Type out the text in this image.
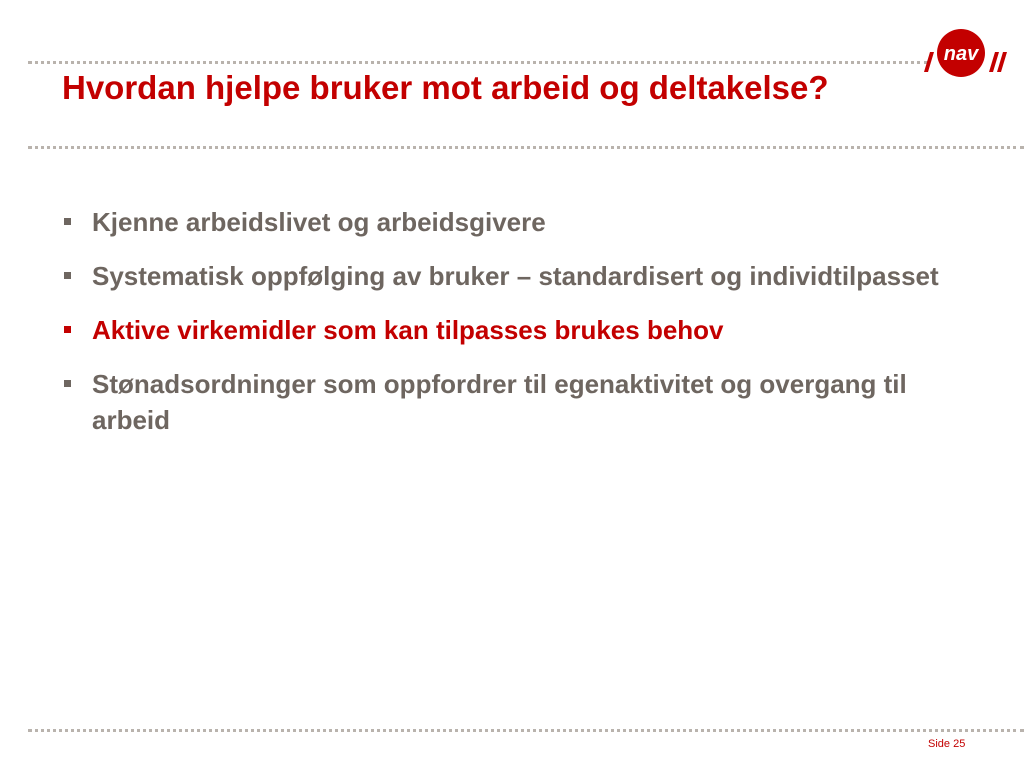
nav
Hvordan hjelpe bruker mot arbeid og deltakelse?
Kjenne arbeidslivet og arbeidsgivere
Systematisk oppfølging av bruker – standardisert og individtilpasset
Aktive virkemidler som kan tilpasses brukes behov
Stønadsordninger som oppfordrer til egenaktivitet og overgang til arbeid
Side 25
